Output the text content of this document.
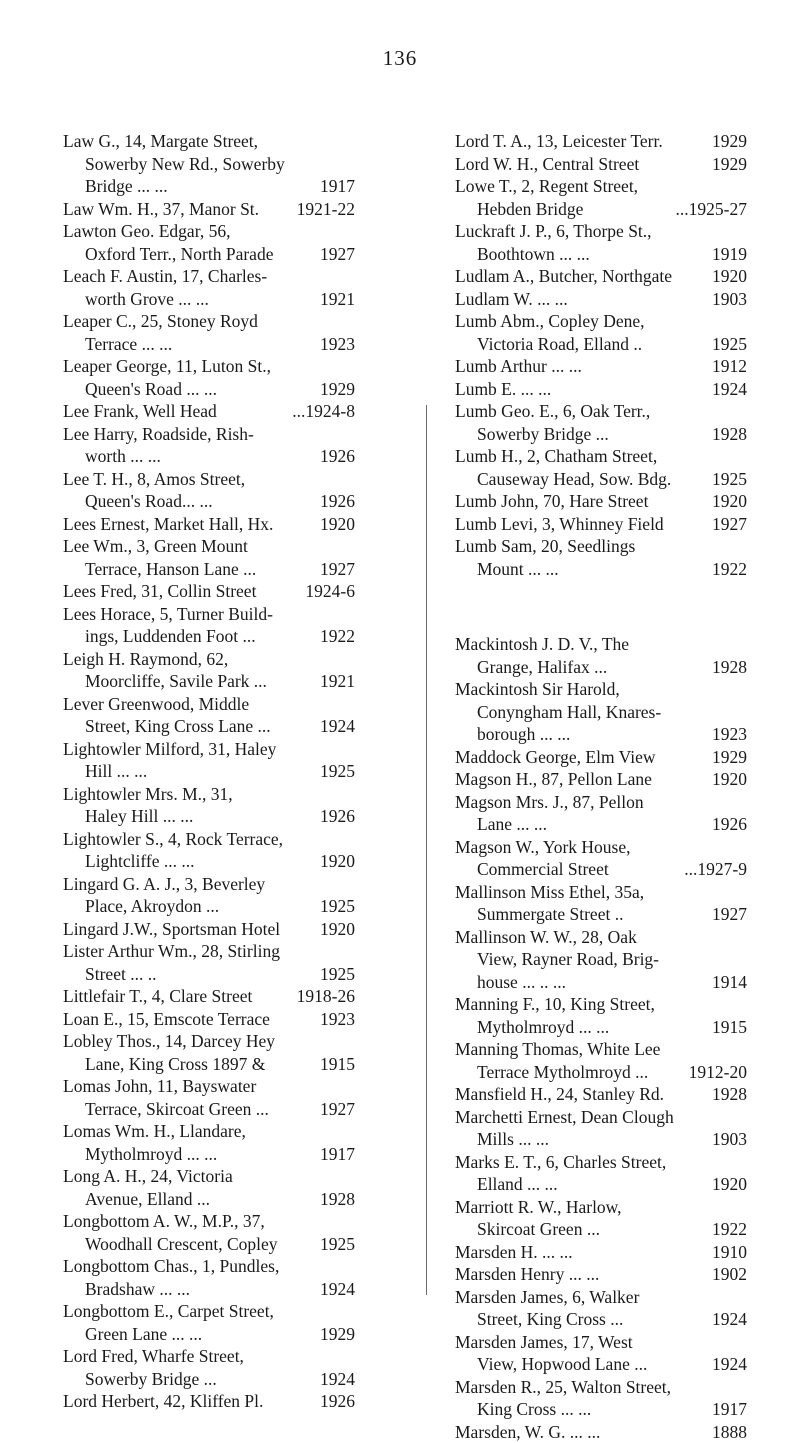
136
Law G., 14, Margate Street,
Sowerby New Rd., Sowerby
Bridge ... ...	1917
Law Wm. H., 37, Manor St. 1921-22
Lawton Geo. Edgar, 56,
Oxford Terr., North Parade	1927
Leach F. Austin, 17, Charles-
worth Grove ... ...	1921
Leaper C., 25, Stoney Royd
Terrace ... ...	1923
Leaper George, 11, Luton St.,
Queen's Road ... ...	1929
Lee Frank, Well Head	...1924-8
Lee Harry, Roadside, Rish-
worth ... ...	1926
Lee T. H., 8, Amos Street,
Queen's Road... ...	1926
Lees Ernest, Market Hall, Hx.	1920
Lee Wm., 3, Green Mount
Terrace, Hanson Lane ...	1927
Lees Fred, 31, Collin Street	1924-6
Lees Horace, 5, Turner Build-
ings, Luddenden Foot ...	1922
Leigh H. Raymond, 62,
Moorcliffe, Savile Park ...	1921
Lever Greenwood, Middle
Street, King Cross Lane ...	1924
Lightowler Milford, 31, Haley
Hill ... ...	1925
Lightowler Mrs. M., 31,
Haley Hill ... ...	1926
Lightowler S., 4, Rock Terrace,
Lightcliffe ... ...	1920
Lingard G. A. J., 3, Beverley
Place, Akroydon ...	1925
Lingard J.W., Sportsman Hotel 1920
Lister Arthur Wm., 28, Stirling
Street ... ..	1925
Littlefair T., 4, Clare Street	1918-26
Loan E., 15, Emscote Terrace	1923
Lobley Thos., 14, Darcey Hey
Lane, King Cross 1897 &	1915
Lomas John, 11, Bayswater
Terrace, Skircoat Green ...	1927
Lomas Wm. H., Llandare,
Mytholmroyd ... ...	1917
Long A. H., 24, Victoria
Avenue, Elland ...	1928
Longbottom A. W., M.P., 37,
Woodhall Crescent, Copley 1925
Longbottom Chas., 1, Pundles,
Bradshaw ... ...	1924
Longbottom E., Carpet Street,
Green Lane ... ...	1929
Lord Fred, Wharfe Street,
Sowerby Bridge ...	1924
Lord Herbert, 42, Kliffen Pl.	1926
Lord T. A., 13, Leicester Terr.	1929
Lord W. H., Central Street	1929
Lowe T., 2, Regent Street,
Hebden Bridge	...1925-27
Luckraft J. P., 6, Thorpe St.,
Boothtown ... ...	1919
Ludlam A., Butcher, Northgate 1920
Ludlam W. ... ...	1903
Lumb Abm., Copley Dene,
Victoria Road, Elland ..	1925
Lumb Arthur ... ...	1912
Lumb E. ... ...	1924
Lumb Geo. E., 6, Oak Terr.,
Sowerby Bridge ...	1928
Lumb H., 2, Chatham Street,
Causeway Head, Sow. Bdg. 1925
Lumb John, 70, Hare Street	1920
Lumb Levi, 3, Whinney Field	1927
Lumb Sam, 20, Seedlings
Mount ... ...	1922
Mackintosh J. D. V., The
Grange, Halifax ...	1928
Mackintosh Sir Harold,
Conyngham Hall, Knares-
borough ... ...	1923
Maddock George, Elm View	1929
Magson H., 87, Pellon Lane	1920
Magson Mrs. J., 87, Pellon
Lane ... ...	1926
Magson W., York House,
Commercial Street	...1927-9
Mallinson Miss Ethel, 35a,
Summergate Street ..	1927
Mallinson W. W., 28, Oak
View, Rayner Road, Brig-
house ... .. ...	1914
Manning F., 10, King Street,
Mytholmroyd ... ...	1915
Manning Thomas, White Lee
Terrace Mytholmroyd ... 1912-20
Mansfield H., 24, Stanley Rd.	1928
Marchetti Ernest, Dean Clough
Mills ... ...	1903
Marks E. T., 6, Charles Street,
Elland ... ...	1920
Marriott R. W., Harlow,
Skircoat Green ...	1922
Marsden H. ... ...	1910
Marsden Henry ... ...	1902
Marsden James, 6, Walker
Street, King Cross ...	1924
Marsden James, 17, West
View, Hopwood Lane ...	1924
Marsden R., 25, Walton Street,
King Cross ... ...	1917
Marsden, W. G. ... ...	1888
